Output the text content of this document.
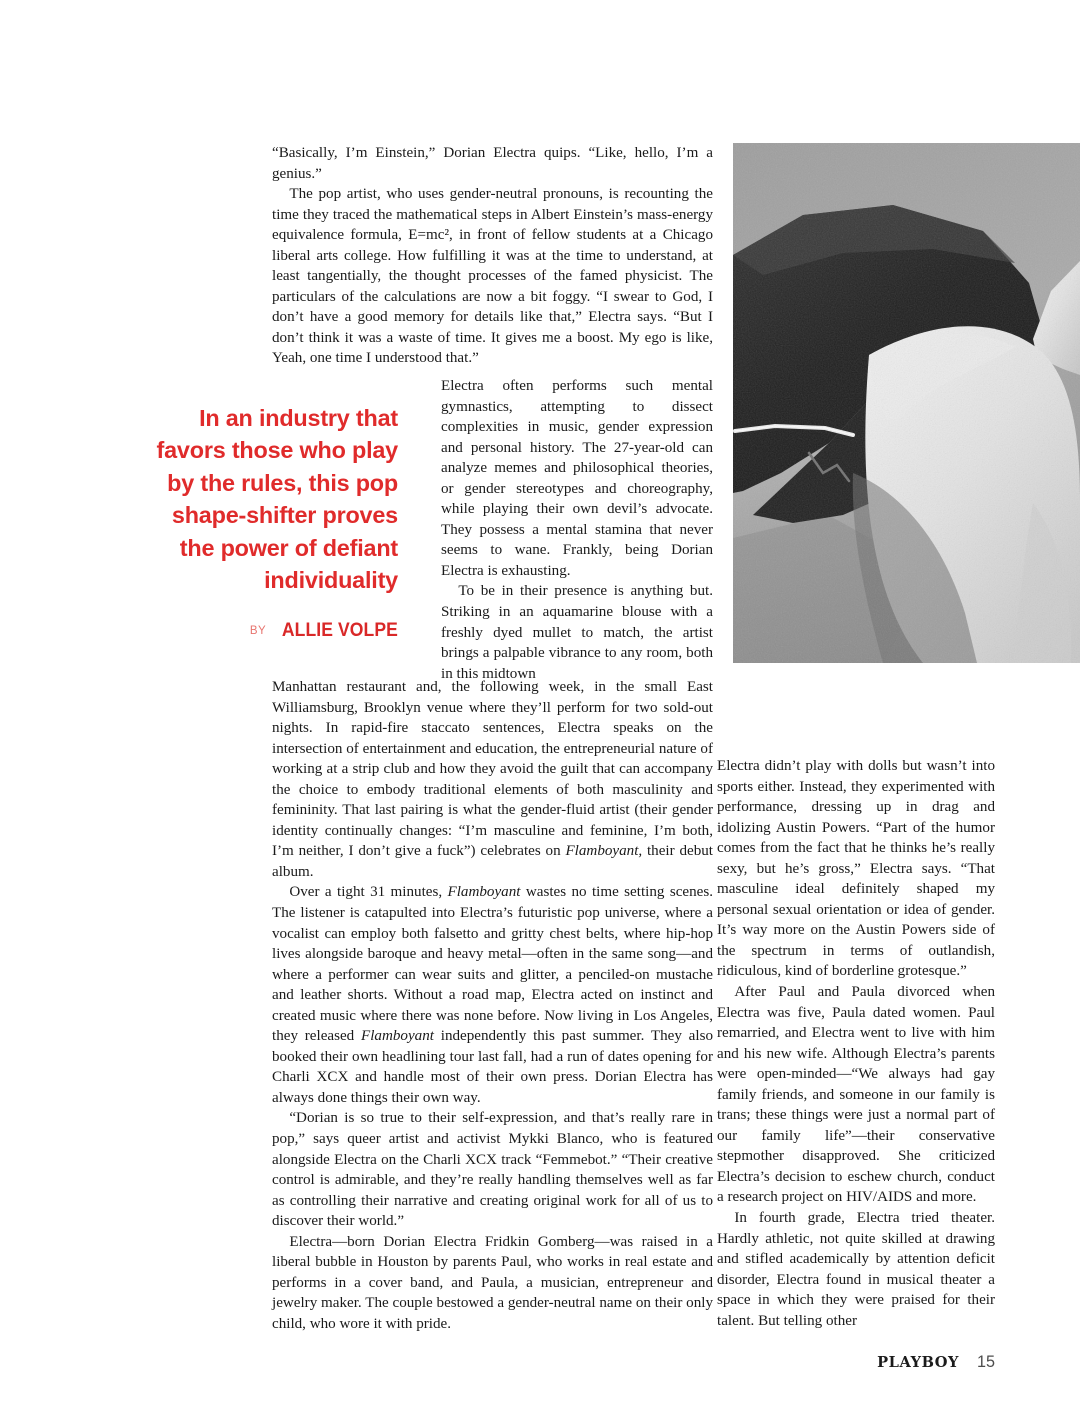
“Basically, I’m Einstein,” Dorian Electra quips. “Like, hello, I’m a genius.”

The pop artist, who uses gender-neutral pronouns, is recounting the time they traced the mathematical steps in Albert Einstein’s mass-energy equivalence formula, E=mc², in front of fellow students at a Chicago liberal arts college. How fulfilling it was at the time to understand, at least tangentially, the thought processes of the famed physicist. The particulars of the calculations are now a bit foggy. “I swear to God, I don’t have a good memory for details like that,” Electra says. “But I don’t think it was a waste of time. It gives me a boost. My ego is like, Yeah, one time I understood that.”

In an industry that favors those who play by the rules, this pop shape-shifter proves the power of defiant individuality
BY ALLIE VOLPE

Electra often performs such mental gymnastics, attempting to dissect complexities in music, gender expression and personal history. The 27-year-old can analyze memes and philosophical theories, or gender stereotypes and choreography, while playing their own devil’s advocate. They possess a mental stamina that never seems to wane. Frankly, being Dorian Electra is exhausting.

To be in their presence is anything but. Striking in an aquamarine blouse with a freshly dyed mullet to match, the artist brings a palpable vibrance to any room, both in this midtown

Manhattan restaurant and, the following week, in the small East Williamsburg, Brooklyn venue where they’ll perform for two sold-out nights. In rapid-fire staccato sentences, Electra speaks on the intersection of entertainment and education, the entrepreneurial nature of working at a strip club and how they avoid the guilt that can accompany the choice to embody traditional elements of both masculinity and femininity. That last pairing is what the gender-fluid artist (their gender identity continually changes: “I’m masculine and feminine, I’m both, I’m neither, I don’t give a fuck”) celebrates on Flamboyant, their debut album.

Over a tight 31 minutes, Flamboyant wastes no time setting scenes. The listener is catapulted into Electra’s futuristic pop universe, where a vocalist can employ both falsetto and gritty chest belts, where hip-hop lives alongside baroque and heavy metal—often in the same song—and where a performer can wear suits and glitter, a penciled-on mustache and leather shorts. Without a road map, Electra acted on instinct and created music where there was none before. Now living in Los Angeles, they released Flamboyant independently this past summer. They also booked their own headlining tour last fall, had a run of dates opening for Charli XCX and handle most of their own press. Dorian Electra has always done things their own way.

“Dorian is so true to their self-expression, and that’s really rare in pop,” says queer artist and activist Mykki Blanco, who is featured alongside Electra on the Charli XCX track “Femmebot.” “Their creative control is admirable, and they’re really handling themselves well as far as controlling their narrative and creating original work for all of us to discover their world.”

Electra—born Dorian Electra Fridkin Gomberg—was raised in a liberal bubble in Houston by parents Paul, who works in real estate and performs in a cover band, and Paula, a musician, entrepreneur and jewelry maker. The couple bestowed a gender-neutral name on their only child, who wore it with pride.

Electra didn’t play with dolls but wasn’t into sports either. Instead, they experimented with performance, dressing up in drag and idolizing Austin Powers. “Part of the humor comes from the fact that he thinks he’s really sexy, but he’s gross,” Electra says. “That masculine ideal definitely shaped my personal sexual orientation or idea of gender. It’s way more on the Austin Powers side of the spectrum in terms of outlandish, ridiculous, kind of borderline grotesque.”

After Paul and Paula divorced when Electra was five, Paula dated women. Paul remarried, and Electra went to live with him and his new wife. Although Electra’s parents were open-minded—“We always had gay family friends, and someone in our family is trans; these things were just a normal part of our family life”—their conservative stepmother disapproved. She criticized Electra’s decision to eschew church, conduct a research project on HIV/AIDS and more.

In fourth grade, Electra tried theater. Hardly athletic, not quite skilled at drawing and stifled academically by attention deficit disorder, Electra found in musical theater a space in which they were praised for their talent. But telling other

PLAYBOY 15
